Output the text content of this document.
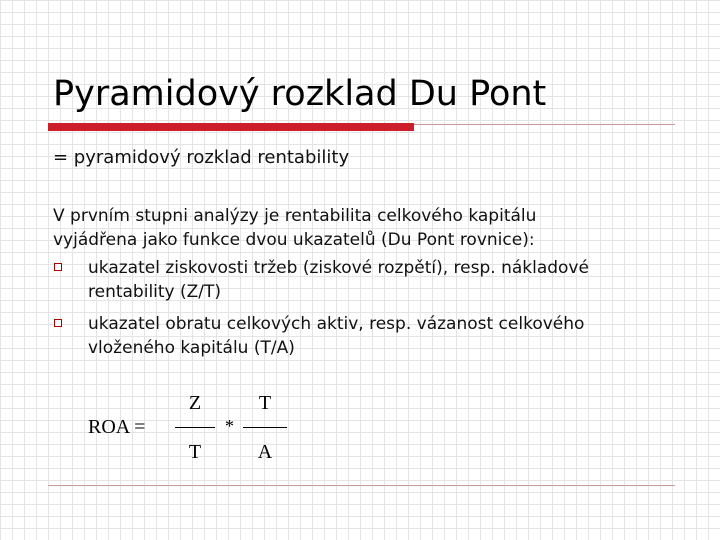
Pyramidový rozklad Du Pont
= pyramidový rozklad rentability
V prvním stupni analýzy je rentabilita celkového kapitálu
vyjádřena jako funkce dvou ukazatelů (Du Pont rovnice):
ukazatel ziskovosti tržeb (ziskové rozpětí), resp. nákladové
rentability (Z/T)
ukazatel obratu celkových aktiv, resp. vázanost celkového
vloženého kapitálu (T/A)
ROA =
Z
T
*
T
A
